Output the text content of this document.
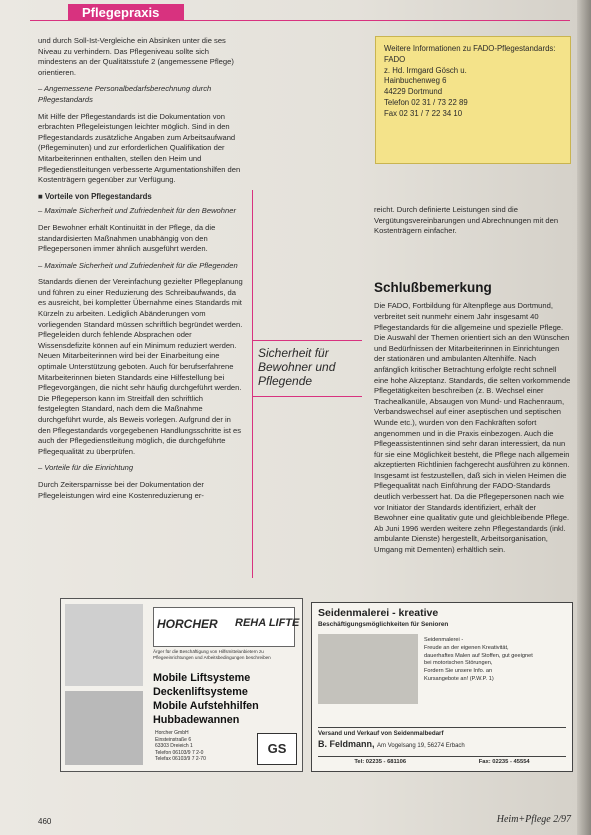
Pflegepraxis

und durch Soll-Ist-Vergleiche ein Absinken unter die ses Niveau zu verhindern. Das Pflegeniveau sollte sich mindestens an der Qualitätsstufe 2 (angemessene Pflege) orientieren.

– Angemessene Personalbedarfsberechnung durch Pflegestandards

Mit Hilfe der Pflegestandards ist die Dokumentation von erbrachten Pflegeleistungen leichter möglich. Sind in den Pflegestandards zusätzliche Angaben zum Arbeitsaufwand (Pflegeminuten) und zur erforderlichen Qualifikation der Mitarbeiterinnen enthalten, stellen den Heim und Pflegedienstleitungen verbesserte Argumentationshilfen den Kostenträgern gegenüber zur Verfügung.

■ Vorteile von Pflegestandards

– Maximale Sicherheit und Zufriedenheit für den Bewohner

Der Bewohner erhält Kontinuität in der Pflege, da die standardisierten Maßnahmen unabhängig von den Pflegepersonen immer ähnlich ausgeführt werden.

– Maximale Sicherheit und Zufriedenheit für die Pflegenden

Standards dienen der Vereinfachung gezielter Pflegeplanung und führen zu einer Reduzierung des Schreibaufwands, da es ausreicht, bei kompletter Übernahme eines Standards mit Kürzeln zu arbeiten. Lediglich Abänderungen vom vorliegenden Standard müssen schriftlich begründet werden. Pflegeleiden durch fehlende Absprachen oder Wissensdefizite können auf ein Minimum reduziert werden. Neuen Mitarbeiterinnen wird bei der Einarbeitung eine optimale Unterstützung geboten. Auch für berufserfahrene Mitarbeiterinnen bieten Standards eine Hilfestellung bei Pflegevorgängen, die nicht sehr häufig durchgeführt werden. Die Pflegeperson kann im Streitfall den schriftlich festgelegten Standard, nach dem die Maßnahme durchgeführt wurde, als Beweis vorlegen. Aufgrund der in den Pflegestandards vorgegebenen Handlungsschritte ist es auch der Pflegedienstleitung möglich, die durchgeführte Pflegequalität zu überprüfen.

– Vorteile für die Einrichtung

Durch Zeitersparnisse bei der Dokumentation der Pflegeleistungen wird eine Kostenreduzierung er-

Sicherheit für Bewohner und Pflegende
Weitere Informationen zu FADO-Pflegestandards:
FADO
z. Hd. Irmgard Gösch u.
Hainbuchenweg 6
44229 Dortmund
Telefon 02 31 / 73 22 89
Fax 02 31 / 7 22 34 10

reicht. Durch definierte Leistungen sind die Vergütungsvereinbarungen und Abrechnungen mit den Kostenträgern einfacher.

Schlußbemerkung

Die FADO, Fortbildung für Altenpflege aus Dortmund, verbreitet seit nunmehr einem Jahr insgesamt 40 Pflegestandards für die allgemeine und spezielle Pflege. Die Auswahl der Themen orientiert sich an den Wünschen und Bedürfnissen der Mitarbeiterinnen in Einrichtungen der stationären und ambulanten Altenhilfe. Nach anfänglich kritischer Betrachtung erfolgte recht schnell eine hohe Akzeptanz. Standards, die selten vorkommende Pflegetätigkeiten beschreiben (z. B. Wechsel einer Trachealkanüle, Absaugen von Mund- und Rachenraum, Verbandswechsel auf einer aseptischen und septischen Wunde etc.), wurden von den Fachkräften sofort angenommen und in die Praxis einbezogen. Auch die Pflegeassistentinnen sind sehr daran interessiert, da nun für sie eine Möglichkeit besteht, die Pflege nach allgemein akzeptierten Richtlinien fachgerecht ausführen zu können. Insgesamt ist festzustellen, daß sich in vielen Heimen die Pflegequalität nach Einführung der FADO-Standards deutlich verbessert hat. Da die Pflegepersonen nach wie vor Initiator der Standards identifiziert, erhält der Bewohner eine qualitativ gute und gleichbleibende Pflege. Ab Juni 1996 werden weitere zehn Pflegestandards (inkl. ambulante Dienste) hergestellt, Arbeitsorganisation, Umgang mit Dementen) erhältlich sein.

HORCHER REHA LIFTE
Ärger für die Beschäftigung von Hilfsmittelanbietern zu Pflegeeinrichtungen und Arbeitsbedingungen beschreiben
Mobile Liftsysteme
Deckenliftsysteme
Mobile Aufstehhilfen
Hubbadewannen
Horcher GmbH
Einsteinstraße 6
63303 Dreieich 1
Telefon 06103/9 7 2-0
Telefax 06103/9 7 2-70
GS
Seidenmalerei - kreative
Beschäftigungsmöglichkeiten für Senioren
Seidenmalerei -
Freude an der eigenen Kreativität,
dauerhaftes Malen auf Stoffen, gut geeignet
bei motorischen Störungen,
Fordern Sie unsere Info. an
Kursangebote an! (P.W.P. 1)
Versand und Verkauf von Seidenmalbedarf
B. Feldmann, Am Vogelsang 19, 56274 Erbach
Tel: 02235 - 681106	Fax: 02235 - 45554
460	Heim+Pflege 2/97
